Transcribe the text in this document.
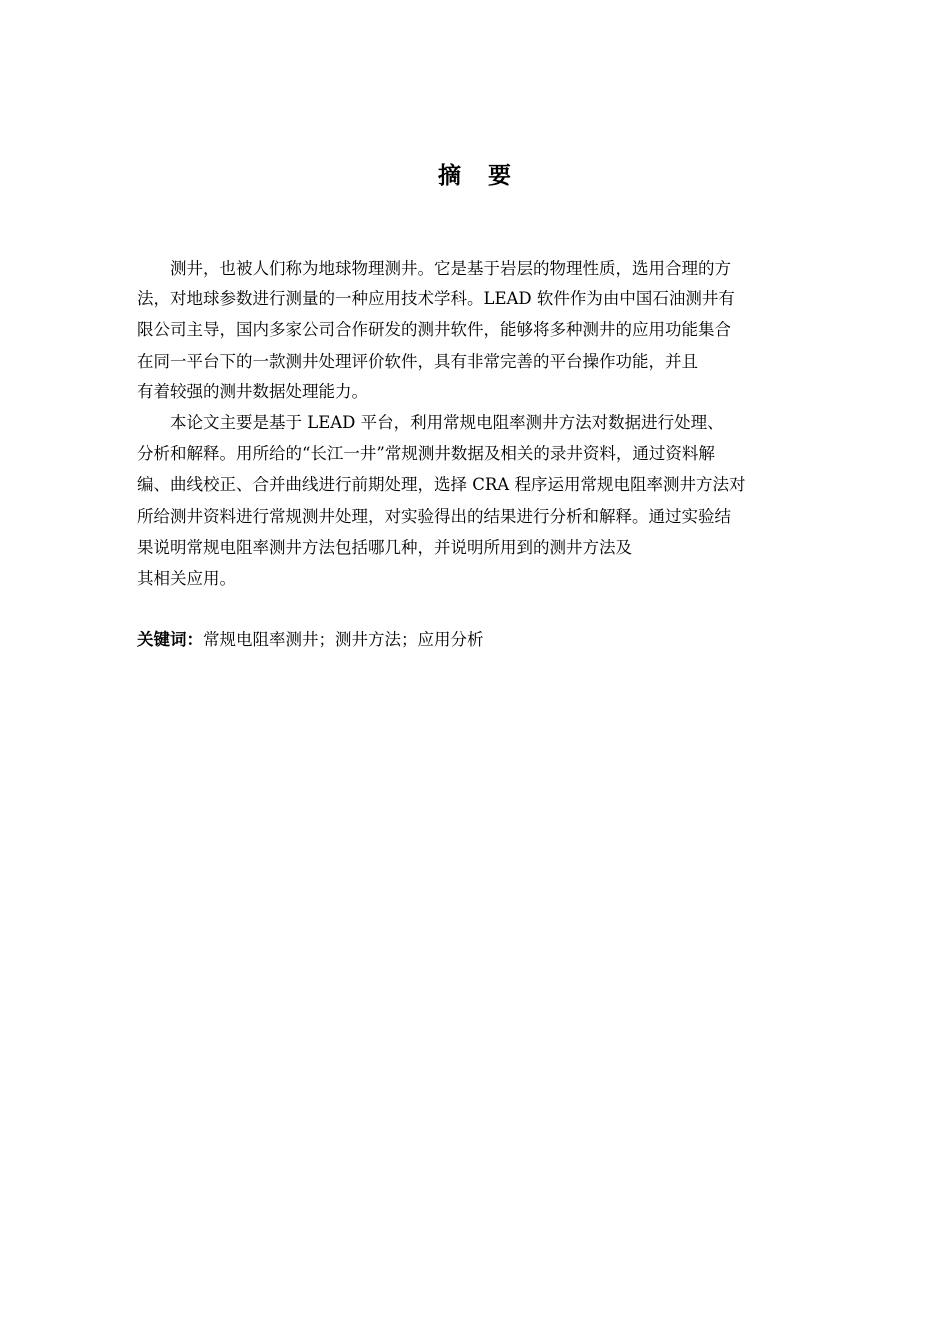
摘 要
　　测井，也被人们称为地球物理测井。它是基于岩层的物理性质，选用合理的方
法，对地球参数进行测量的一种应用技术学科。LEAD 软件作为由中国石油测井有
限公司主导，国内多家公司合作研发的测井软件，能够将多种测井的应用功能集合
在同一平台下的一款测井处理评价软件，具有非常完善的平台操作功能，并且
有着较强的测井数据处理能力。
　　本论文主要是基于 LEAD 平台，利用常规电阻率测井方法对数据进行处理、
分析和解释。用所给的“长江一井”常规测井数据及相关的录井资料，通过资料解
编、曲线校正、合并曲线进行前期处理，选择 CRA 程序运用常规电阻率测井方法对
所给测井资料进行常规测井处理，对实验得出的结果进行分析和解释。通过实验结
果说明常规电阻率测井方法包括哪几种，并说明所用到的测井方法及
其相关应用。
关键词：常规电阻率测井；测井方法；应用分析
